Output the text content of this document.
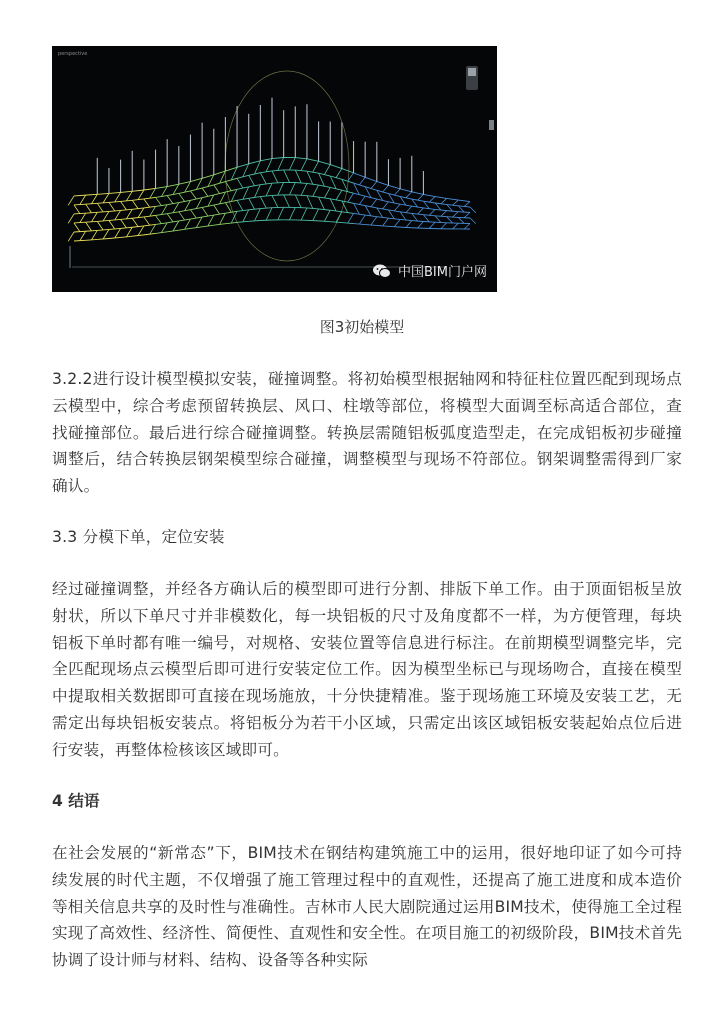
perspective
中国BIM门户网
图3初始模型

3.2.2进行设计模型模拟安装，碰撞调整。将初始模型根据轴网和特征柱位置匹配到现场点云模型中，综合考虑预留转换层、风口、柱墩等部位，将模型大面调至标高适合部位，查找碰撞部位。最后进行综合碰撞调整。转换层需随铝板弧度造型走，在完成铝板初步碰撞调整后，结合转换层钢架模型综合碰撞，调整模型与现场不符部位。钢架调整需得到厂家确认。

3.3 分模下单，定位安装

经过碰撞调整，并经各方确认后的模型即可进行分割、排版下单工作。由于顶面铝板呈放射状，所以下单尺寸并非模数化，每一块铝板的尺寸及角度都不一样，为方便管理，每块铝板下单时都有唯一编号，对规格、安装位置等信息进行标注。在前期模型调整完毕，完全匹配现场点云模型后即可进行安装定位工作。因为模型坐标已与现场吻合，直接在模型中提取相关数据即可直接在现场施放，十分快捷精准。鉴于现场施工环境及安装工艺，无需定出每块铝板安装点。将铝板分为若干小区域，只需定出该区域铝板安装起始点位后进行安装，再整体检核该区域即可。

4 结语

在社会发展的“新常态”下，BIM技术在钢结构建筑施工中的运用，很好地印证了如今可持续发展的时代主题，不仅增强了施工管理过程中的直观性，还提高了施工进度和成本造价等相关信息共享的及时性与准确性。吉林市人民大剧院通过运用BIM技术，使得施工全过程实现了高效性、经济性、简便性、直观性和安全性。在项目施工的初级阶段，BIM技术首先协调了设计师与材料、结构、设备等各种实际
